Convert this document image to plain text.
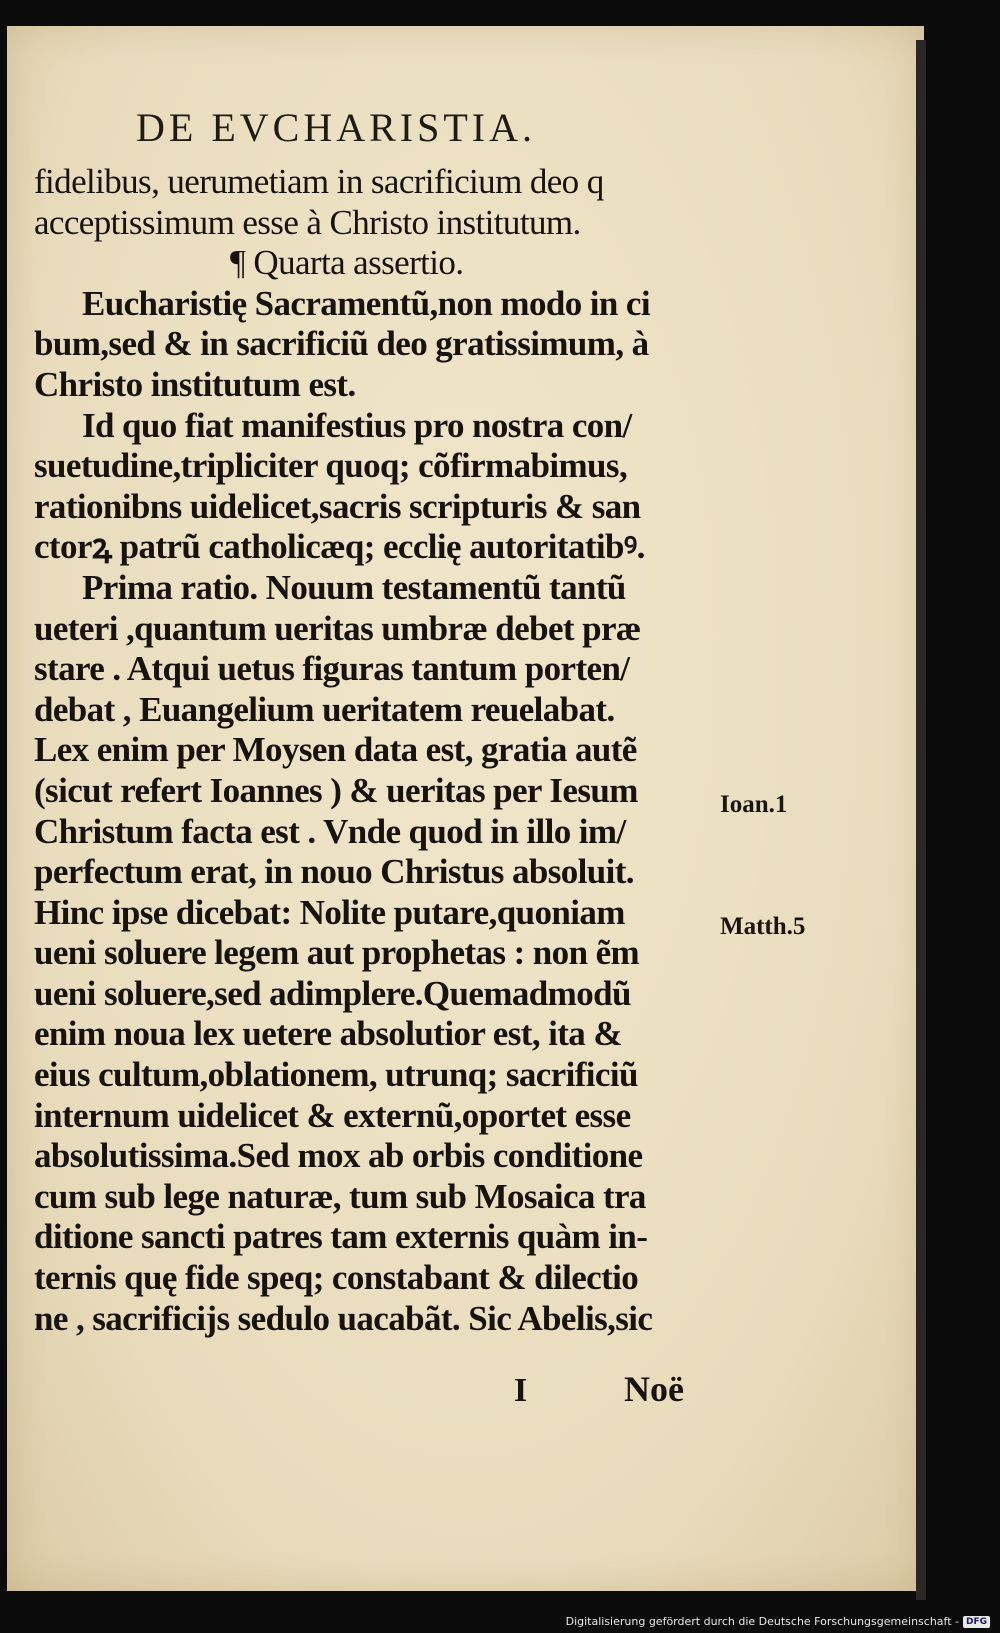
DE EVCHARISTIA.
fidelibus, uerumetiam in sacrificium deo q
acceptissimum esse à Christo institutum.
¶ Quarta assertio.
Eucharistię Sacramentũ,non modo in ci
bum,sed & in sacrificiũ deo gratissimum, à
Christo institutum est.
Id quo fiat manifestius pro nostra con/
suetudine,tripliciter quoq; cõfirmabimus,
rationibns uidelicet,sacris scripturis & san
ctorꝝ patrũ catholicæq; ecclię autoritatibꝰ.
Prima ratio. Nouum testamentũ tantũ
ueteri ,quantum ueritas umbræ debet præ
stare . Atqui uetus figuras tantum porten/
debat , Euangelium ueritatem reuelabat.
Lex enim per Moysen data est, gratia autẽ
(sicut refert Ioannes ) & ueritas per Iesum
Christum facta est . Vnde quod in illo im/
perfectum erat, in nouo Christus absoluit.
Hinc ipse dicebat: Nolite putare,quoniam
ueni soluere legem aut prophetas : non ẽm
ueni soluere,sed adimplere.Quemadmodũ
enim noua lex uetere absolutior est, ita &
eius cultum,oblationem, utrunq; sacrificiũ
internum uidelicet & externũ,oportet esse
absolutissima.Sed mox ab orbis conditione
cum sub lege naturæ, tum sub Mosaica tra
ditione sancti patres tam externis quàm in-
ternis quę fide speq; constabant & dilectio
ne , sacrificijs sedulo uacabãt. Sic Abelis,sic
Ioan.1
Matth.5
I	Noë
Digitalisierung gefördert durch die Deutsche Forschungsgemeinschaft - DFG
